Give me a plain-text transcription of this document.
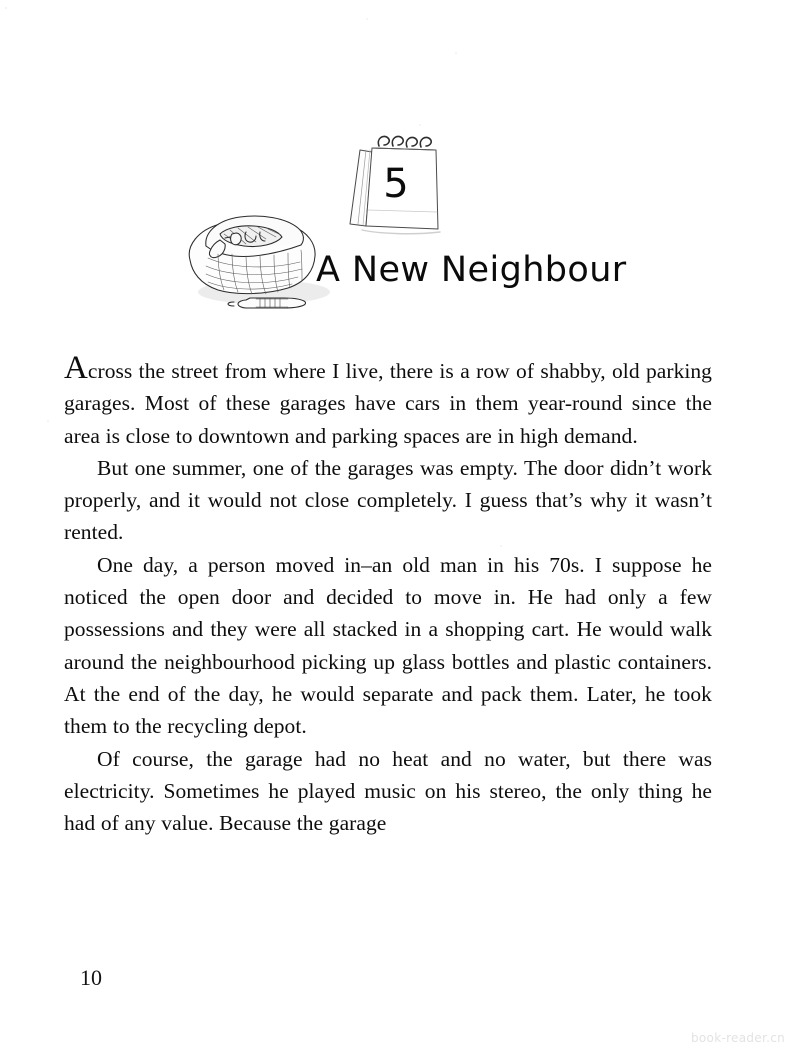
5
A New Neighbour

Across the street from where I live, there is a row of shabby, old parking garages. Most of these garages have cars in them year-round since the area is close to downtown and parking spaces are in high demand.

But one summer, one of the garages was empty. The door didn’t work properly, and it would not close completely. I guess that’s why it wasn’t rented.

One day, a person moved in–an old man in his 70s. I suppose he noticed the open door and decided to move in. He had only a few possessions and they were all stacked in a shopping cart. He would walk around the neighbourhood picking up glass bottles and plastic containers. At the end of the day, he would separate and pack them. Later, he took them to the recycling depot.

Of course, the garage had no heat and no water, but there was electricity. Sometimes he played music on his stereo, the only thing he had of any value. Because the garage

10
book-reader.cn
